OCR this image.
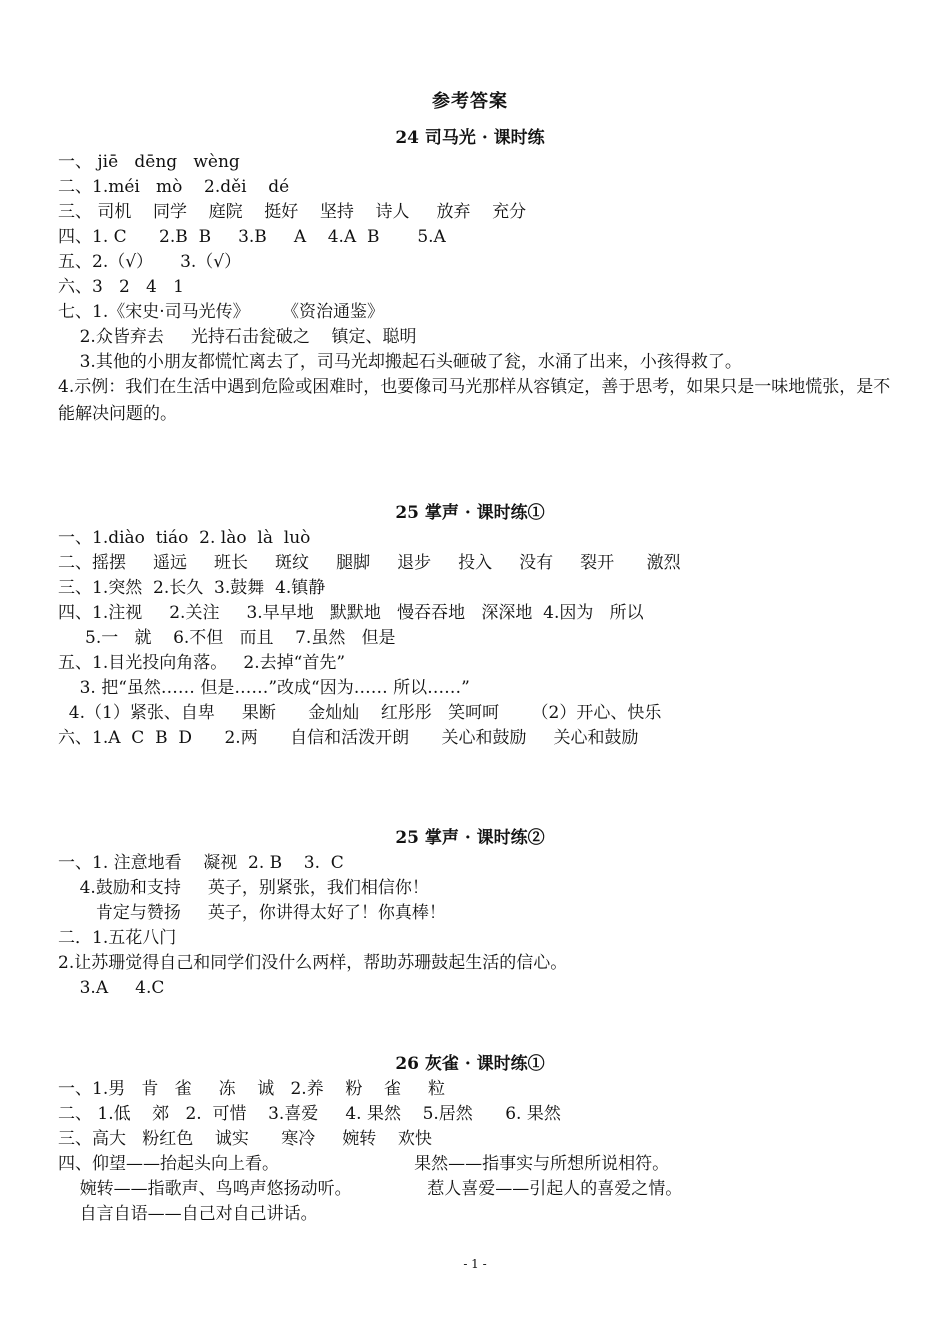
参考答案
24 司马光 · 课时练
一、 jiē   dēng   wèng
二、1.méi   mò    2.děi    dé
三、 司机    同学    庭院    挺好    坚持    诗人     放弃    充分
四、1. C      2.B  B     3.B     A    4.A  B       5.A
五、2.（√）     3.（√）
六、3   2   4   1
七、1.《宋史·司马光传》      《资治通鉴》
2.众皆弃去     光持石击瓮破之    镇定、聪明
3.其他的小朋友都慌忙离去了，司马光却搬起石头砸破了瓮，水涌了出来，小孩得救了。
4.示例：我们在生活中遇到危险或困难时，也要像司马光那样从容镇定，善于思考，如果只是一味地慌张，是不能解决问题的。
25 掌声 · 课时练①
一、1.diào  tiáo  2. lào  là  luò
二、摇摆     遥远     班长     斑纹     腿脚     退步     投入     没有     裂开      激烈
三、1.突然  2.长久  3.鼓舞  4.镇静
四、1.注视     2.关注     3.早早地   默默地   慢吞吞地   深深地  4.因为   所以
5.一   就    6.不但   而且    7.虽然   但是
五、1.目光投向角落。   2.去掉“首先”
3. 把“虽然…… 但是……”改成“因为…… 所以……”
4.（1）紧张、自卑     果断      金灿灿    红彤彤   笑呵呵      （2）开心、快乐
六、1.A  C  B  D      2.两      自信和活泼开朗      关心和鼓励     关心和鼓励
25 掌声 · 课时练②
一、1. 注意地看    凝视  2. B    3.  C
4.鼓励和支持     英子，别紧张，我们相信你！
肯定与赞扬     英子，你讲得太好了！你真棒！
二．1.五花八门
2.让苏珊觉得自己和同学们没什么两样，帮助苏珊鼓起生活的信心。
3.A     4.C
26 灰雀 · 课时练①
一、1.男   肯   雀     冻    诚   2.养    粉    雀     粒
二、 1.低    郊   2.  可惜    3.喜爱     4. 果然    5.居然      6. 果然
三、高大   粉红色    诚实      寒冷     婉转    欢快
四、仰望——抬起头向上看。                         果然——指事实与所想所说相符。
婉转——指歌声、鸟鸣声悠扬动听。              惹人喜爱——引起人的喜爱之情。
自言自语——自己对自己讲话。
- 1 -
